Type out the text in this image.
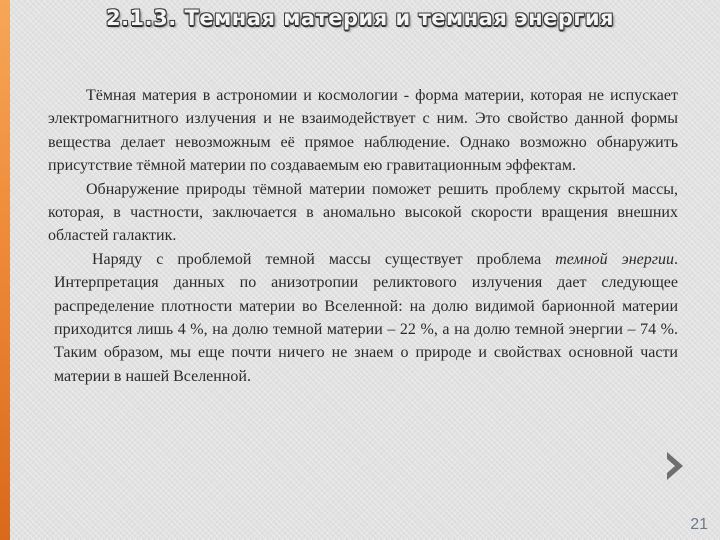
2.1.3. Темная материя и темная энергия

Тёмная материя в астрономии и космологии - форма материи, которая не испускает электромагнитного излучения и не взаимодействует с ним. Это свойство данной формы вещества делает невозможным её прямое наблюдение. Однако возможно обнаружить присутствие тёмной материи по создаваемым ею гравитационным эффектам.

Обнаружение природы тёмной материи поможет решить проблему скрытой массы, которая, в частности, заключается в аномально высокой скорости вращения внешних областей галактик.

Наряду с проблемой темной массы существует проблема темной энергии. Интерпретация данных по анизотропии реликтового излучения дает следующее распределение плотности материи во Вселенной: на долю видимой барионной материи приходится лишь 4 %, на долю темной материи – 22 %, а на долю темной энергии – 74 %. Таким образом, мы еще почти ничего не знаем о природе и свойствах основной части материи в нашей Вселенной.

21
